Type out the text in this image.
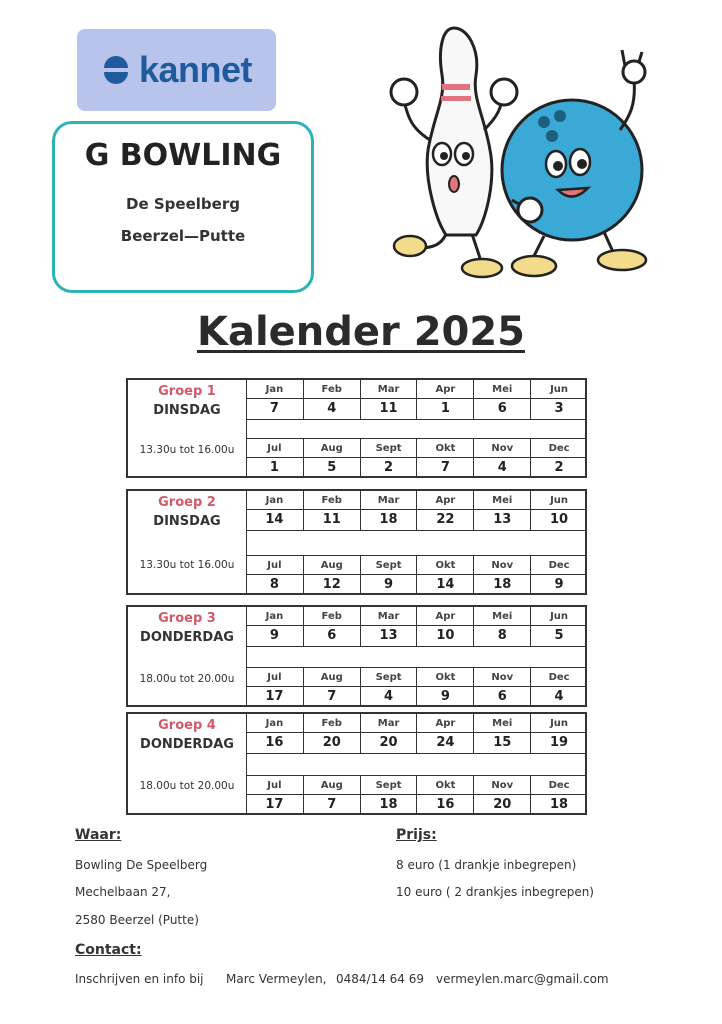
kannet
G BOWLING
De Speelberg
Beerzel—Putte
Kalender 2025
Groep 1
DINSDAG
13.30u tot 16.00u
Jan
7
Feb
4
Mar
11
Apr
1
Mei
6
Jun
3
Jul
1
Aug
5
Sept
2
Okt
7
Nov
4
Dec
2
Groep 2
DINSDAG
13.30u tot 16.00u
Jan
14
Feb
11
Mar
18
Apr
22
Mei
13
Jun
10
Jul
8
Aug
12
Sept
9
Okt
14
Nov
18
Dec
9
Groep 3
DONDERDAG
18.00u tot 20.00u
Jan
9
Feb
6
Mar
13
Apr
10
Mei
8
Jun
5
Jul
17
Aug
7
Sept
4
Okt
9
Nov
6
Dec
4
Groep 4
DONDERDAG
18.00u tot 20.00u
Jan
16
Feb
20
Mar
20
Apr
24
Mei
15
Jun
19
Jul
17
Aug
7
Sept
18
Okt
16
Nov
20
Dec
18
Waar:
Bowling De Speelberg
Mechelbaan 27,
2580 Beerzel (Putte)
Prijs:
8 euro (1 drankje inbegrepen)
10 euro ( 2 drankjes inbegrepen)
Contact:
Inschrijven en info bij Marc Vermeylen, 0484/14 64 69 vermeylen.marc@gmail.com
